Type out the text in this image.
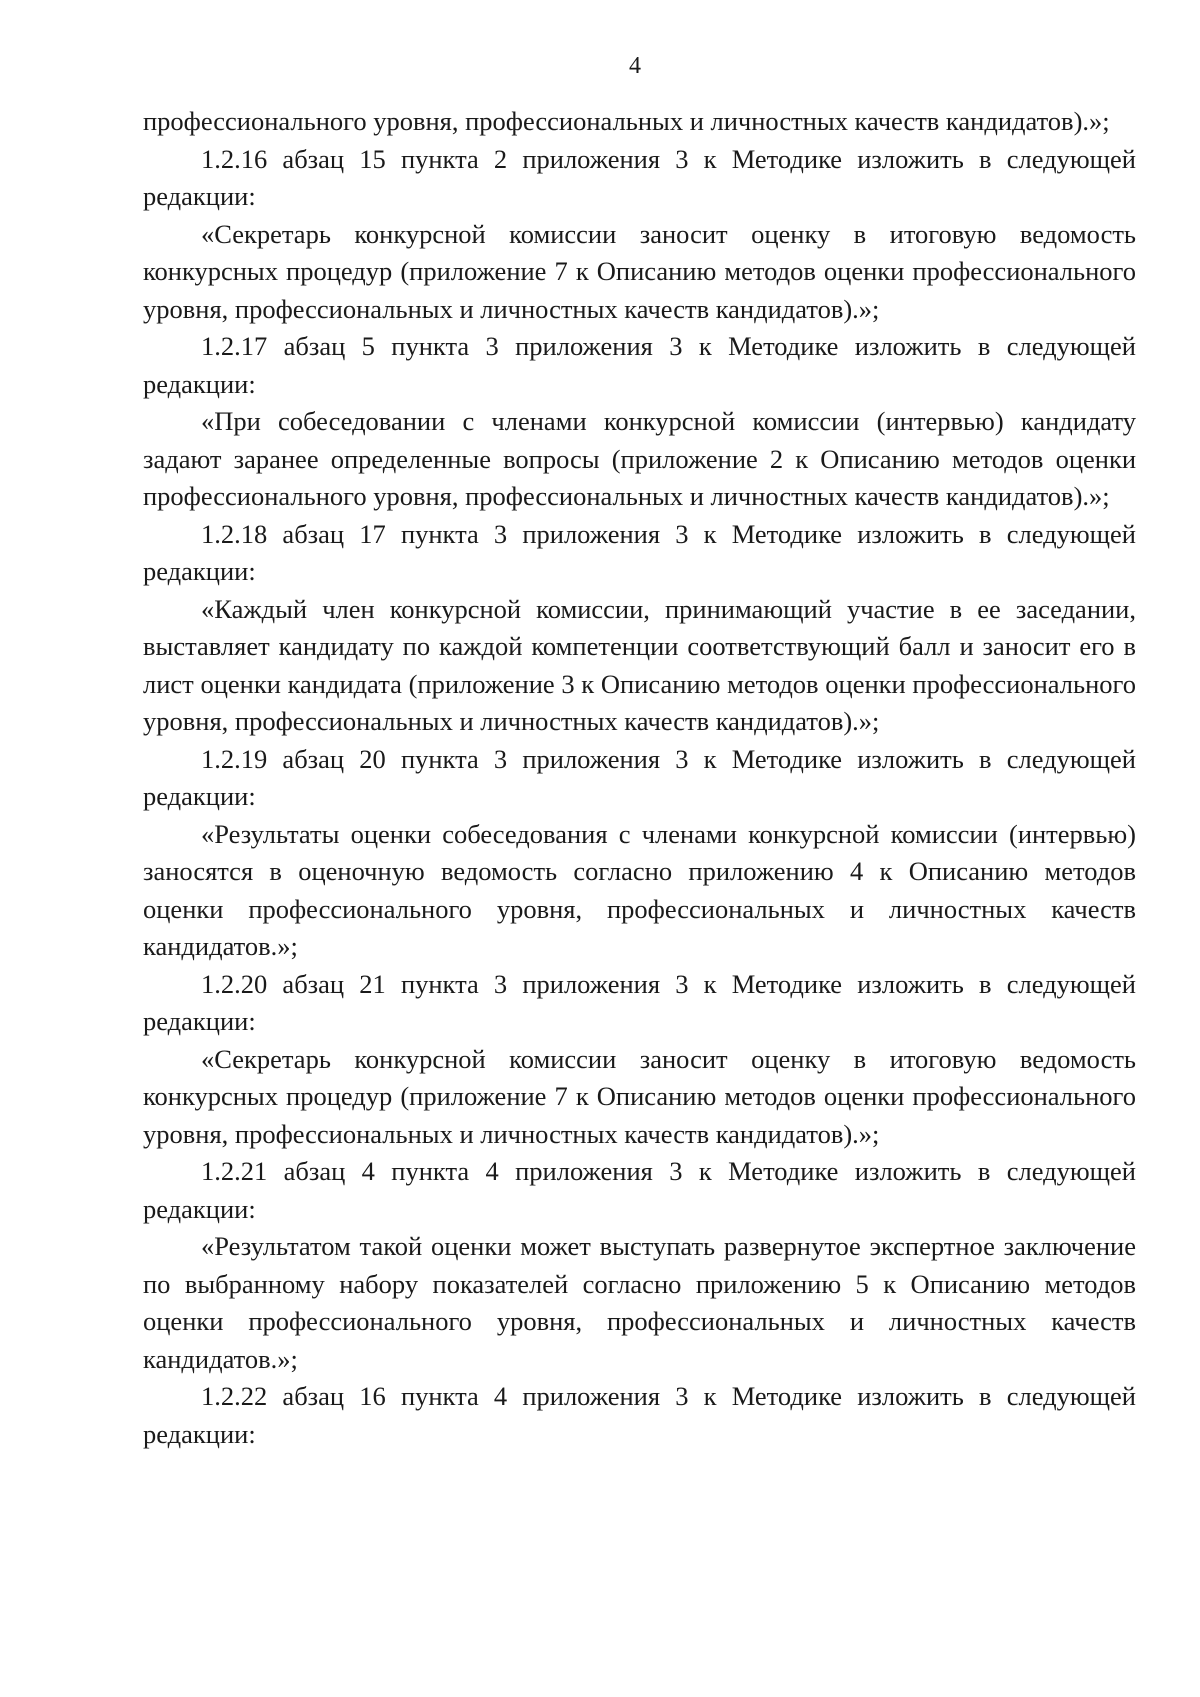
4

профессионального уровня, профессиональных и личностных качеств кандидатов).»;

1.2.16 абзац 15 пункта 2 приложения 3 к Методике изложить в следующей редакции:

«Секретарь конкурсной комиссии заносит оценку в итоговую ведомость конкурсных процедур (приложение 7 к Описанию методов оценки профессионального уровня, профессиональных и личностных качеств кандидатов).»;

1.2.17 абзац 5 пункта 3 приложения 3 к Методике изложить в следующей редакции:

«При собеседовании с членами конкурсной комиссии (интервью) кандидату задают заранее определенные вопросы (приложение 2 к Описанию методов оценки профессионального уровня, профессиональных и личностных качеств кандидатов).»;

1.2.18 абзац 17 пункта 3 приложения 3 к Методике изложить в следующей редакции:

«Каждый член конкурсной комиссии, принимающий участие в ее заседании, выставляет кандидату по каждой компетенции соответствующий балл и заносит его в лист оценки кандидата (приложение 3 к Описанию методов оценки профессионального уровня, профессиональных и личностных качеств кандидатов).»;

1.2.19 абзац 20 пункта 3 приложения 3 к Методике изложить в следующей редакции:

«Результаты оценки собеседования с членами конкурсной комиссии (интервью) заносятся в оценочную ведомость согласно приложению 4 к Описанию методов оценки профессионального уровня, профессиональных и личностных качеств кандидатов.»;

1.2.20 абзац 21 пункта 3 приложения 3 к Методике изложить в следующей редакции:

«Секретарь конкурсной комиссии заносит оценку в итоговую ведомость конкурсных процедур (приложение 7 к Описанию методов оценки профессионального уровня, профессиональных и личностных качеств кандидатов).»;

1.2.21 абзац 4 пункта 4 приложения 3 к Методике изложить в следующей редакции:

«Результатом такой оценки может выступать развернутое экспертное заключение по выбранному набору показателей согласно приложению 5 к Описанию методов оценки профессионального уровня, профессиональных и личностных качеств кандидатов.»;

1.2.22 абзац 16 пункта 4 приложения 3 к Методике изложить в следующей редакции:
